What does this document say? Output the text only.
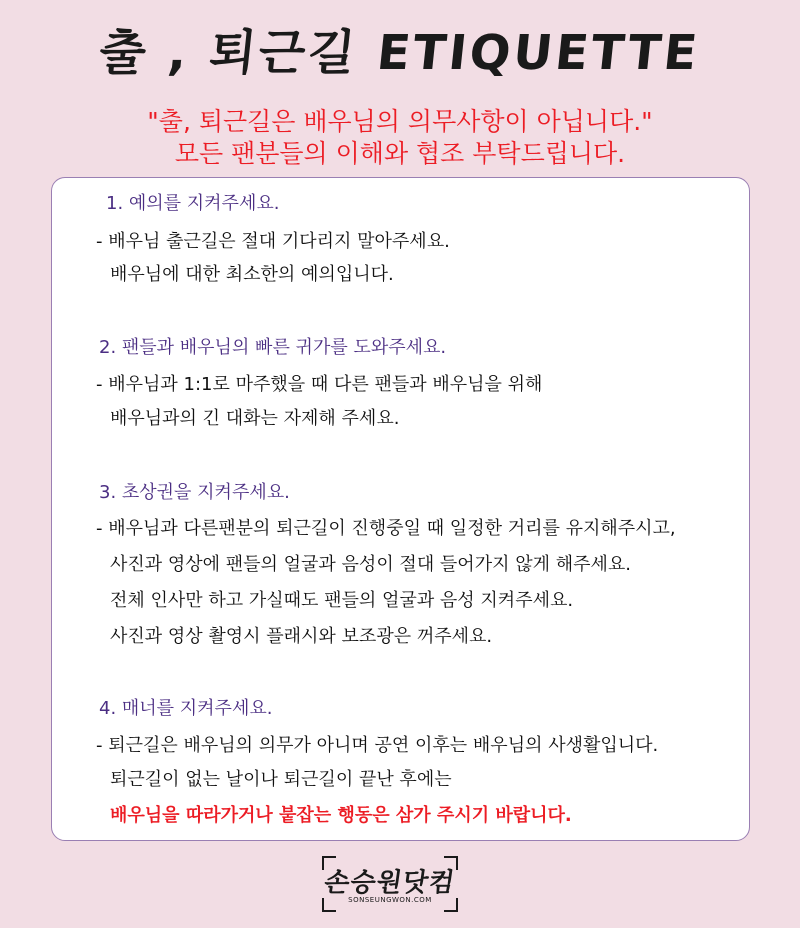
출 , 퇴근길 ETIQUETTE
"출, 퇴근길은 배우님의 의무사항이 아닙니다."
모든 팬분들의 이해와 협조 부탁드립니다.
1. 예의를 지켜주세요.
- 배우님 출근길은 절대 기다리지 말아주세요.
배우님에 대한 최소한의 예의입니다.
2. 팬들과 배우님의 빠른 귀가를 도와주세요.
- 배우님과 1:1로 마주했을 때 다른 팬들과 배우님을 위해
배우님과의 긴 대화는 자제해 주세요.
3. 초상권을 지켜주세요.
- 배우님과 다른팬분의 퇴근길이 진행중일 때 일정한 거리를 유지해주시고,
사진과 영상에 팬들의 얼굴과 음성이 절대 들어가지 않게 해주세요.
전체 인사만 하고 가실때도 팬들의 얼굴과 음성 지켜주세요.
사진과 영상 촬영시 플래시와 보조광은 꺼주세요.
4. 매너를 지켜주세요.
- 퇴근길은 배우님의 의무가 아니며 공연 이후는 배우님의 사생활입니다.
퇴근길이 없는 날이나 퇴근길이 끝난 후에는
배우님을 따라가거나 붙잡는 행동은 삼가 주시기 바랍니다.
손승원닷컴
SONSEUNGWON.COM
